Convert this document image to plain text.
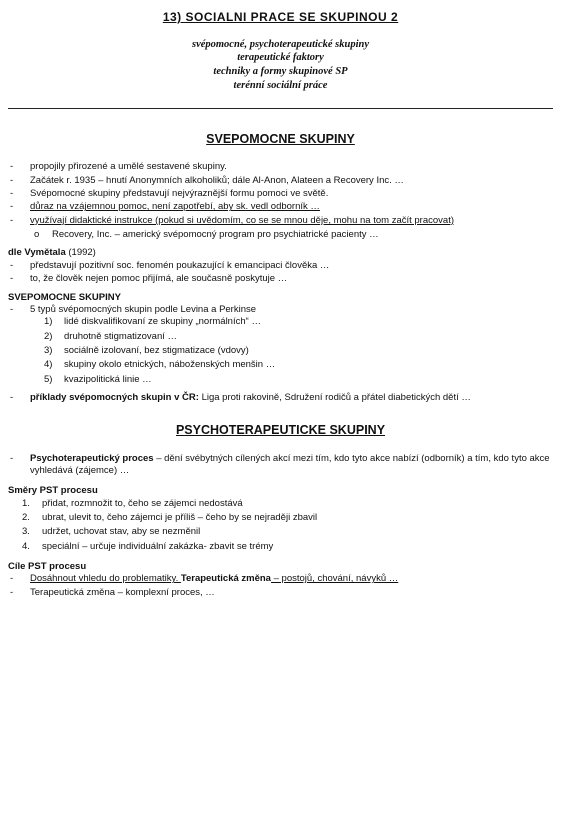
13) SOCIALNI PRACE SE SKUPINOU 2
svépomocné, psychoterapeutické skupiny
terapeutické faktory
techniky a formy skupinové SP
terénní sociální práce
SVEPOMOCNE SKUPINY
- propojily přirozené a umělé sestavené skupiny.
- Začátek r. 1935 – hnutí Anonymních alkoholiků; dále Al-Anon, Alateen a Recovery Inc. …
- Svépomocné skupiny představují nejvýraznější formu pomoci ve světě.
- důraz na vzájemnou pomoc, není zapotřebí, aby sk. vedl odborník …
- využívají didaktické instrukce (pokud si uvědomím, co se se mnou děje, mohu na tom začít pracovat)
o Recovery, Inc. – americký svépomocný program pro psychiatrické pacienty …
dle Vymětala (1992)
- představují pozitivní soc. fenomén poukazující k emancipaci člověka …
- to, že člověk nejen pomoc přijímá, ale současně poskytuje …
SVEPOMOCNE SKUPINY
- 5 typů svépomocných skupin podle Levina a Perkinse
1) lidé diskvalifikovaní ze skupiny „normálních“ …
2) druhotně stigmatizovaní …
3) sociálně izolovaní, bez stigmatizace (vdovy)
4) skupiny okolo etnických, náboženských menšin …
5) kvazipolitická linie …
- příklady svépomocných skupin v ČR: Liga proti rakovině, Sdružení rodičů a přátel diabetických dětí …
PSYCHOTERAPEUTICKE SKUPINY
- Psychoterapeutický proces – dění svébytných cílených akcí mezi tím, kdo tyto akce nabízí (odborník) a tím, kdo tyto akce vyhledává (zájemce) …
Směry PST procesu
1. přidat, rozmnožit to, čeho se zájemci nedostává
2. ubrat, ulevit to, čeho zájemci je příliš – čeho by se nejraději zbavil
3. udržet, uchovat stav, aby se nezměnil
4. speciální – určuje individuální zakázka- zbavit se trémy
Cíle PST procesu
- Dosáhnout vhledu do problematiky. Terapeutická změna – postojů, chování, návyků …
- Terapeutická změna – komplexní proces, …
